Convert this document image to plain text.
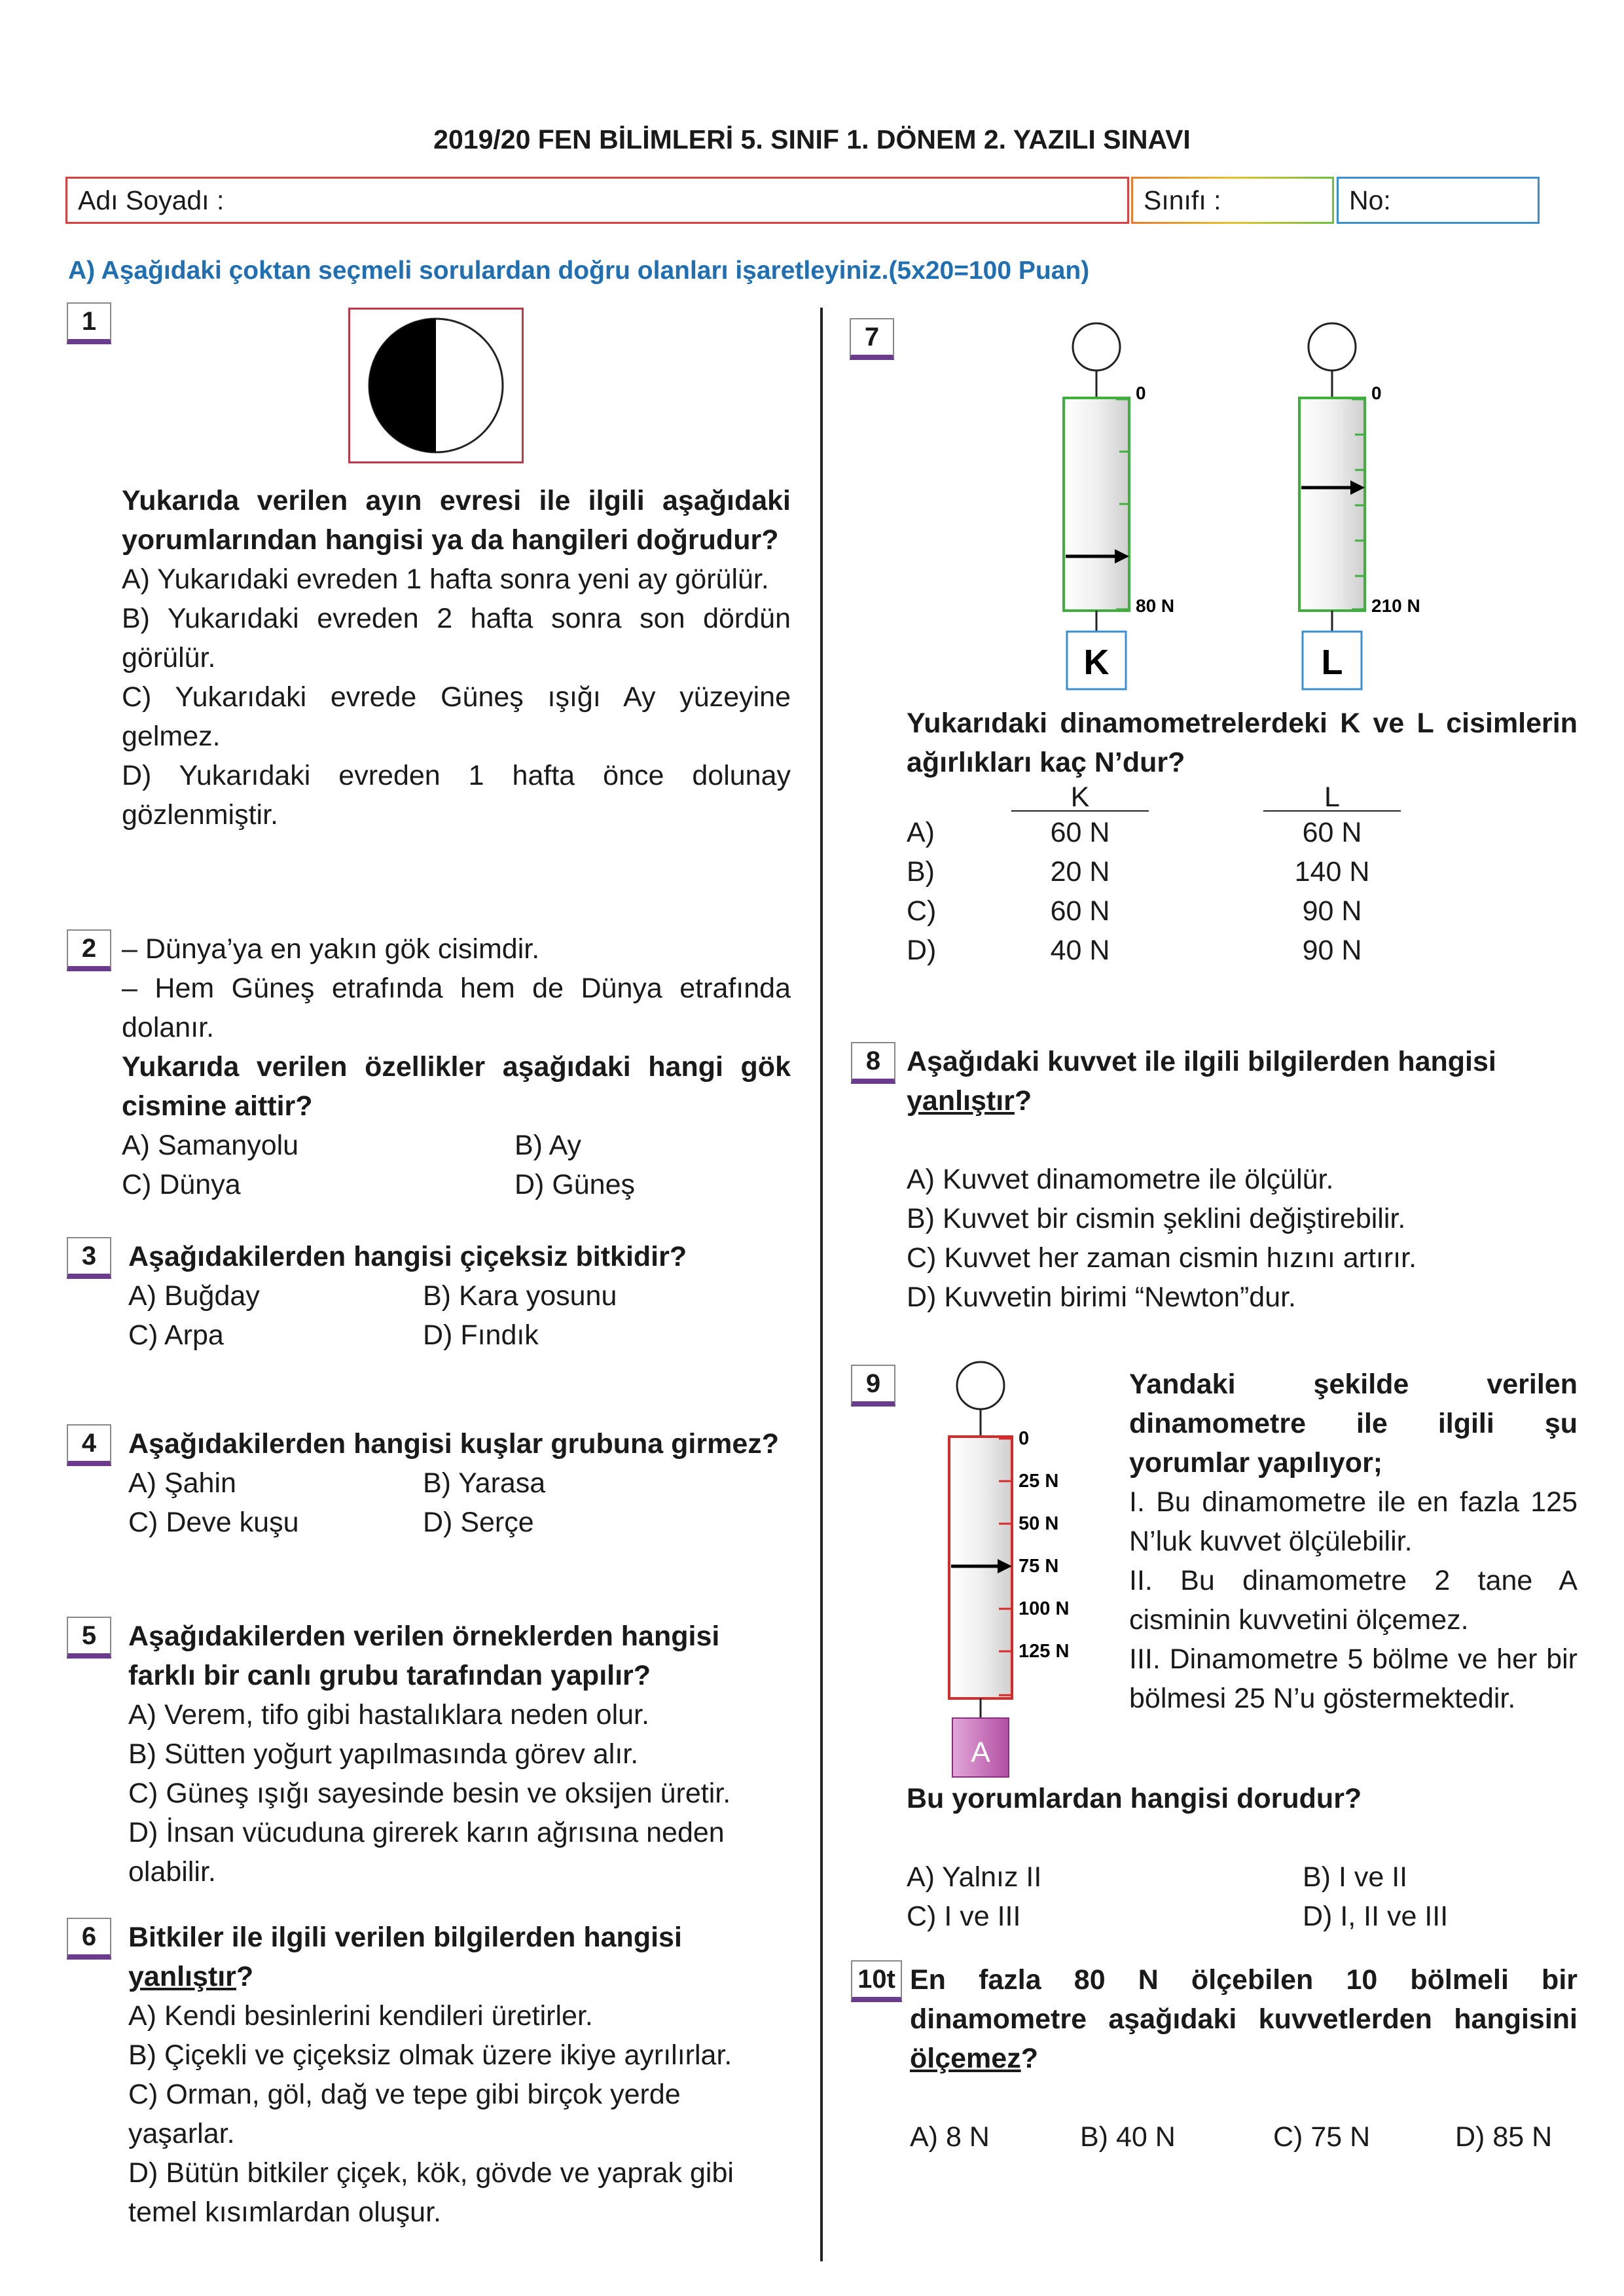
2019/20 FEN BİLİMLERİ 5. SINIF 1. DÖNEM 2. YAZILI SINAVI
Adı Soyadı :	Sınıfı :	No:
A) Aşağıdaki çoktan seçmeli sorulardan doğru olanları işaretleyiniz.(5x20=100 Puan)
1
Yukarıda verilen ayın evresi ile ilgili aşağıdaki yorumlarından hangisi ya da hangileri doğrudur?
A) Yukarıdaki evreden 1 hafta sonra yeni ay görülür.
B) Yukarıdaki evreden 2 hafta sonra son dördün görülür.
C) Yukarıdaki evrede Güneş ışığı Ay yüzeyine gelmez.
D) Yukarıdaki evreden 1 hafta önce dolunay gözlenmiştir.
2 – Dünya’ya en yakın gök cisimdir.
– Hem Güneş etrafında hem de Dünya etrafında dolanır.
Yukarıda verilen özellikler aşağıdaki hangi gök cismine aittir?
A) Samanyolu	B) Ay
C) Dünya	D) Güneş
3	Aşağıdakilerden hangisi çiçeksiz bitkidir?
A) Buğday	B) Kara yosunu
C) Arpa	D) Fındık
4	Aşağıdakilerden hangisi kuşlar grubuna girmez?
A) Şahin	B) Yarasa
C) Deve kuşu	D) Serçe
5	Aşağıdakilerden verilen örneklerden hangisi farklı bir canlı grubu tarafından yapılır?
A) Verem, tifo gibi hastalıklara neden olur.
B) Sütten yoğurt yapılmasında görev alır.
C) Güneş ışığı sayesinde besin ve oksijen üretir.
D) İnsan vücuduna girerek karın ağrısına neden olabilir.
6	Bitkiler ile ilgili verilen bilgilerden hangisi yanlıştır?
A) Kendi besinlerini kendileri üretirler.
B) Çiçekli ve çiçeksiz olmak üzere ikiye ayrılırlar.
C) Orman, göl, dağ ve tepe gibi birçok yerde yaşarlar.
D) Bütün bitkiler çiçek, kök, gövde ve yaprak gibi temel kısımlardan oluşur.
7
0
80 N
K
0
210 N
L
Yukarıdaki dinamometrelerdeki K ve L cisimlerin ağırlıkları kaç N’dur?
K	L
A)	60 N	60 N
B)	20 N	140 N
C)	60 N	90 N
D)	40 N	90 N
8 Aşağıdaki kuvvet ile ilgili bilgilerden hangisi yanlıştır?
A) Kuvvet dinamometre ile ölçülür.
B) Kuvvet bir cismin şeklini değiştirebilir.
C) Kuvvet her zaman cismin hızını artırır.
D) Kuvvetin birimi “Newton”dur.
9
A
0
25 N
50 N
75 N
100 N
125 N
Yandaki şekilde verilen dinamometre ile ilgili şu yorumlar yapılıyor;
I. Bu dinamometre ile en fazla 125 N’luk kuvvet ölçülebilir.
II. Bu dinamometre 2 tane A cisminin kuvvetini ölçemez.
III. Dinamometre 5 bölme ve her bir bölmesi 25 N’u göstermektedir.
Bu yorumlardan hangisi dorudur?
A) Yalnız II	B) I ve II
C) I ve III	D) I, II ve III
10t En fazla 80 N ölçebilen 10 bölmeli bir dinamometre aşağıdaki kuvvetlerden hangisini ölçemez?
A) 8 N	B) 40 N	C) 75 N	D) 85 N
